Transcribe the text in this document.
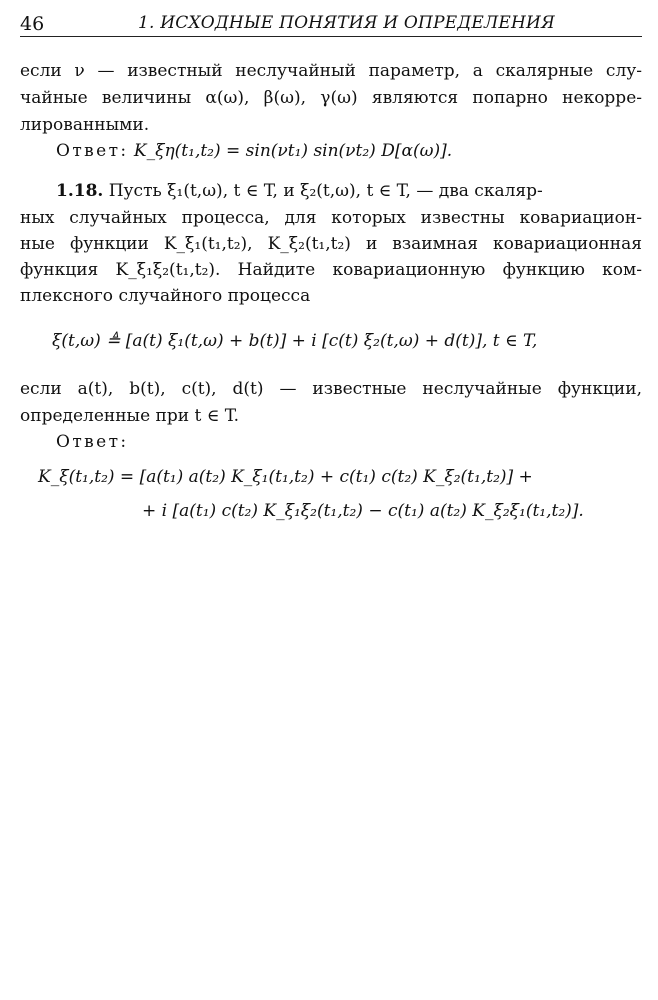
46	1. ИСХОДНЫЕ ПОНЯТИЯ И ОПРЕДЕЛЕНИЯ
если ν — известный неслучайный параметр, а скалярные слу-
чайные величины α(ω), β(ω), γ(ω) являются попарно некорре-
лированными.
Ответ: K_ξη(t₁,t₂) = sin(νt₁) sin(νt₂) D[α(ω)].
1.18. Пусть ξ₁(t,ω), t ∈ T, и ξ₂(t,ω), t ∈ T, — два скаляр-
ных случайных процесса, для которых известны ковариацион-
ные функции K_ξ₁(t₁,t₂), K_ξ₂(t₁,t₂) и взаимная ковариационная
функция K_ξ₁ξ₂(t₁,t₂). Найдите ковариационную функцию ком-
плексного случайного процесса
ξ(t,ω) ≜ [a(t) ξ₁(t,ω) + b(t)] + i [c(t) ξ₂(t,ω) + d(t)], t ∈ T,
если a(t), b(t), c(t), d(t) — известные неслучайные функции,
определенные при t ∈ T.
Ответ:
K_ξ(t₁,t₂) = [a(t₁) a(t₂) K_ξ₁(t₁,t₂) + c(t₁) c(t₂) K_ξ₂(t₁,t₂)] +
+ i [a(t₁) c(t₂) K_ξ₁ξ₂(t₁,t₂) − c(t₁) a(t₂) K_ξ₂ξ₁(t₁,t₂)].
